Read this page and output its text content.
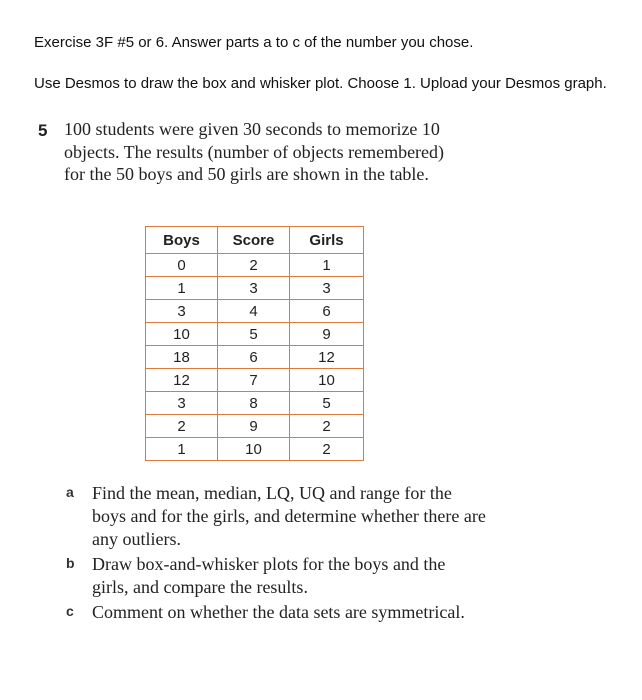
Exercise 3F #5 or 6. Answer parts a to c of the number you chose.
Use Desmos to draw the box and whisker plot. Choose 1. Upload your Desmos graph.
5 100 students were given 30 seconds to memorize 10 objects. The results (number of objects remembered) for the 50 boys and 50 girls are shown in the table.
Boys	Score	Girls
0	2	1
1	3	3
3	4	6
10	5	9
18	6	12
12	7	10
3	8	5
2	9	2
1	10	2
a Find the mean, median, LQ, UQ and range for the boys and for the girls, and determine whether there are any outliers.
b Draw box-and-whisker plots for the boys and the girls, and compare the results.
c Comment on whether the data sets are symmetrical.
